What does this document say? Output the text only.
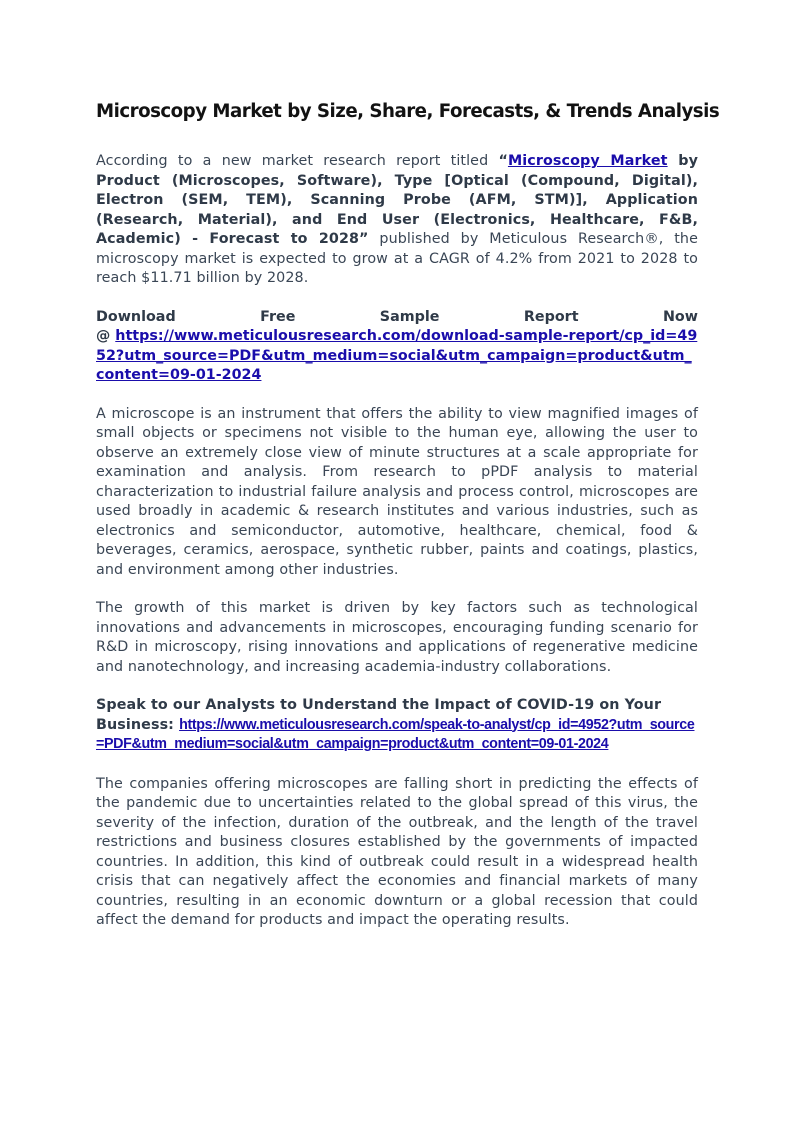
Microscopy Market by Size, Share, Forecasts, & Trends Analysis

According to a new market research report titled “Microscopy Market by Product (Microscopes, Software), Type [Optical (Compound, Digital), Electron (SEM, TEM), Scanning Probe (AFM, STM)], Application (Research, Material), and End User (Electronics, Healthcare, F&B, Academic) - Forecast to 2028” published by Meticulous Research®, the microscopy market is expected to grow at a CAGR of 4.2% from 2021 to 2028 to reach $11.71 billion by 2028.

Download	Free	Sample	Report	Now
@ https://www.meticulousresearch.com/download-sample-report/cp_id=4952?utm_source=PDF&utm_medium=social&utm_campaign=product&utm_content=09-01-2024

A microscope is an instrument that offers the ability to view magnified images of small objects or specimens not visible to the human eye, allowing the user to observe an extremely close view of minute structures at a scale appropriate for examination and analysis. From research to pPDF analysis to material characterization to industrial failure analysis and process control, microscopes are used broadly in academic & research institutes and various industries, such as electronics and semiconductor, automotive, healthcare, chemical, food & beverages, ceramics, aerospace, synthetic rubber, paints and coatings, plastics, and environment among other industries.

The growth of this market is driven by key factors such as technological innovations and advancements in microscopes, encouraging funding scenario for R&D in microscopy, rising innovations and applications of regenerative medicine and nanotechnology, and increasing academia-industry collaborations.

Speak to our Analysts to Understand the Impact of COVID-19 on Your Business: https://www.meticulousresearch.com/speak-to-analyst/cp_id=4952?utm_source=PDF&utm_medium=social&utm_campaign=product&utm_content=09-01-2024

The companies offering microscopes are falling short in predicting the effects of the pandemic due to uncertainties related to the global spread of this virus, the severity of the infection, duration of the outbreak, and the length of the travel restrictions and business closures established by the governments of impacted countries. In addition, this kind of outbreak could result in a widespread health crisis that can negatively affect the economies and financial markets of many countries, resulting in an economic downturn or a global recession that could affect the demand for products and impact the operating results.
